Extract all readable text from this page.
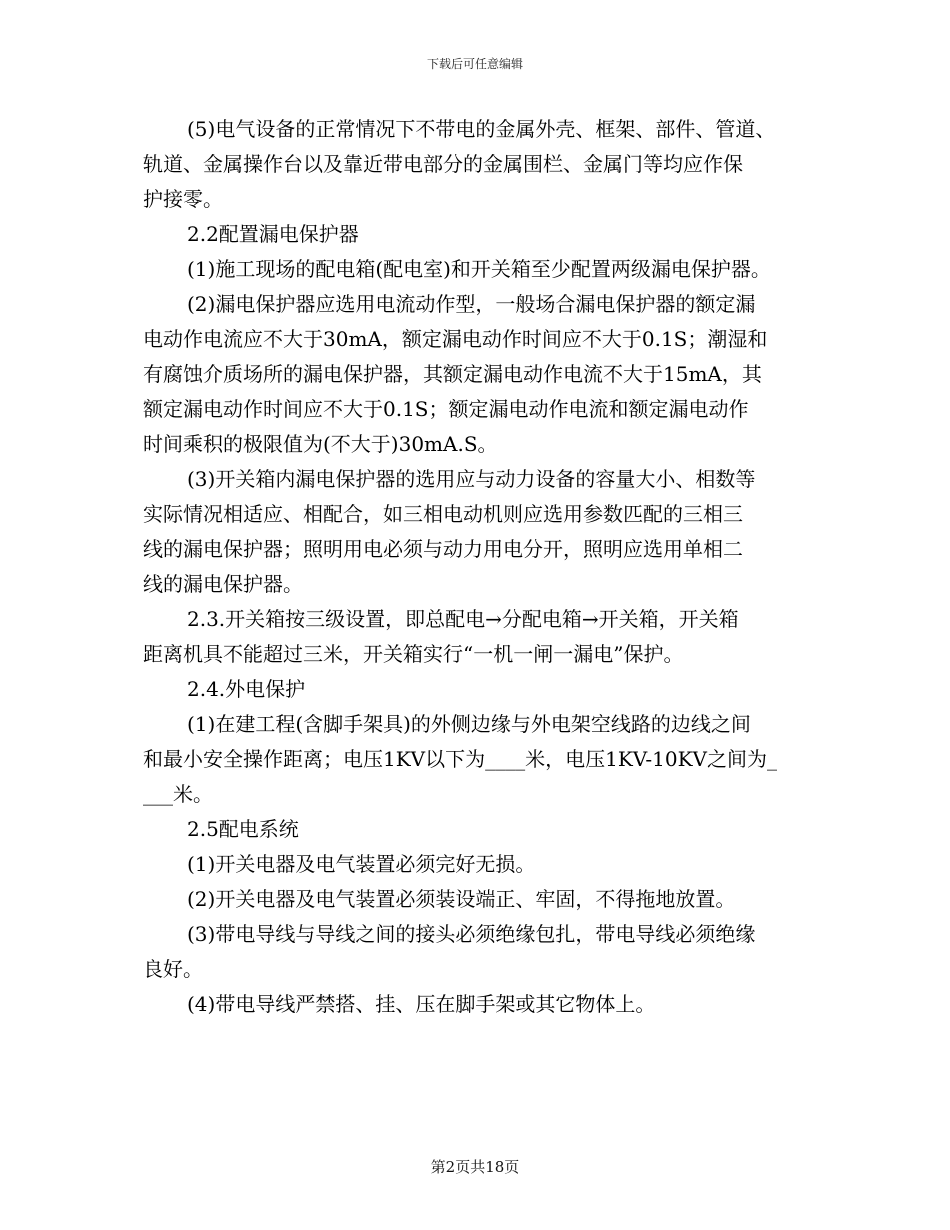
下载后可任意编辑
(5)电气设备的正常情况下不带电的金属外壳、框架、部件、管道、
轨道、金属操作台以及靠近带电部分的金属围栏、金属门等均应作保
护接零。
2.2配置漏电保护器
(1)施工现场的配电箱(配电室)和开关箱至少配置两级漏电保护器。
(2)漏电保护器应选用电流动作型，一般场合漏电保护器的额定漏
电动作电流应不大于30mA，额定漏电动作时间应不大于0.1S；潮湿和
有腐蚀介质场所的漏电保护器，其额定漏电动作电流不大于15mA，其
额定漏电动作时间应不大于0.1S；额定漏电动作电流和额定漏电动作
时间乘积的极限值为(不大于)30mA.S。
(3)开关箱内漏电保护器的选用应与动力设备的容量大小、相数等
实际情况相适应、相配合，如三相电动机则应选用参数匹配的三相三
线的漏电保护器；照明用电必须与动力用电分开，照明应选用单相二
线的漏电保护器。
2.3.开关箱按三级设置，即总配电→分配电箱→开关箱，开关箱
距离机具不能超过三米，开关箱实行“一机一闸一漏电”保护。
2.4.外电保护
(1)在建工程(含脚手架具)的外侧边缘与外电架空线路的边线之间
和最小安全操作距离；电压1KV以下为____米，电压1KV-10KV之间为_
___米。
2.5配电系统
(1)开关电器及电气装置必须完好无损。
(2)开关电器及电气装置必须装设端正、牢固，不得拖地放置。
(3)带电导线与导线之间的接头必须绝缘包扎，带电导线必须绝缘
良好。
(4)带电导线严禁搭、挂、压在脚手架或其它物体上。
第2页共18页
